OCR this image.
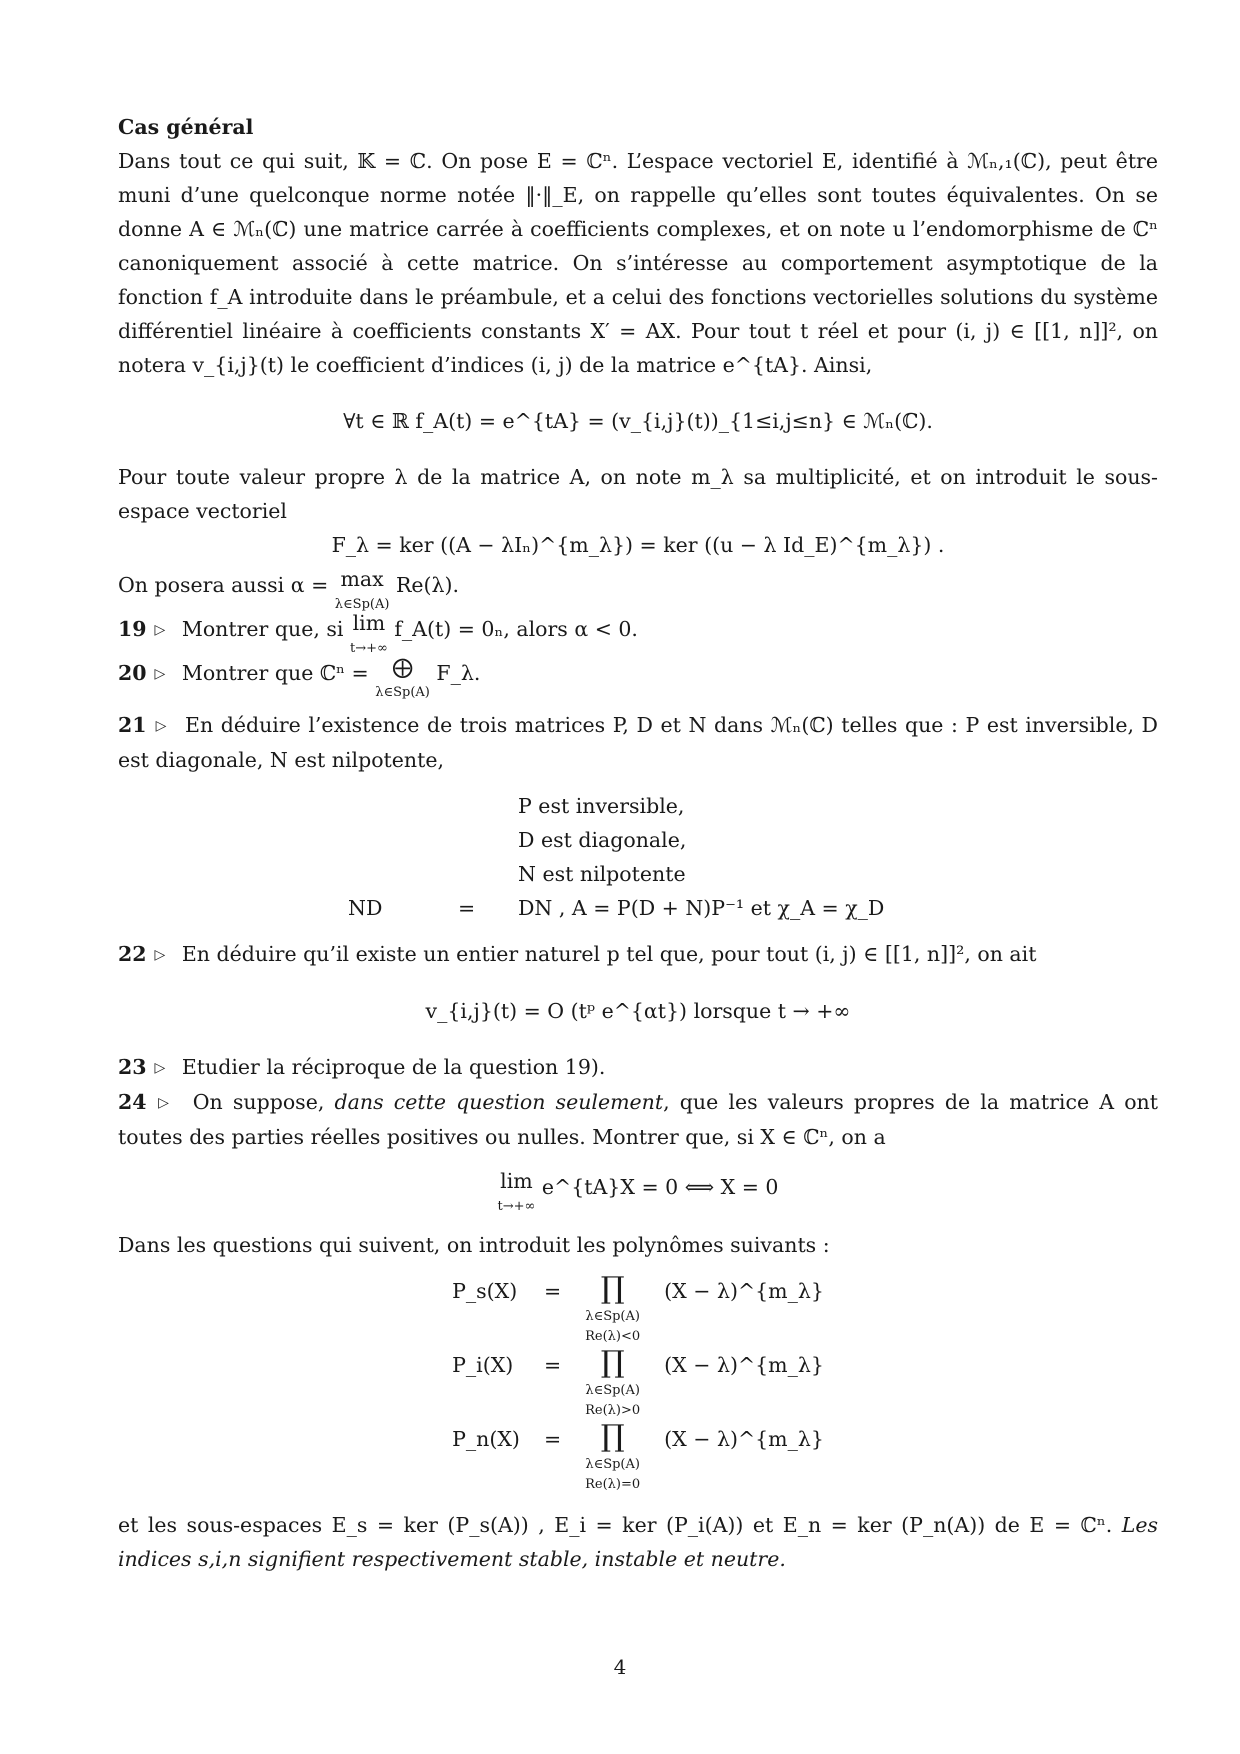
Cas général

Dans tout ce qui suit, 𝕂 = ℂ. On pose E = ℂⁿ. L’espace vectoriel E, identifié à ℳₙ,₁(ℂ), peut être muni d’une quelconque norme notée ‖·‖_E, on rappelle qu’elles sont toutes équivalentes. On se donne A ∈ ℳₙ(ℂ) une matrice carrée à coefficients complexes, et on note u l’endomorphisme de ℂⁿ canoniquement associé à cette matrice. On s’intéresse au comportement asymptotique de la fonction f_A introduite dans le préambule, et a celui des fonctions vectorielles solutions du système différentiel linéaire à coefficients constants X′ = AX. Pour tout t réel et pour (i, j) ∈ [[1, n]]², on notera v_{i,j}(t) le coefficient d’indices (i, j) de la matrice e^{tA}. Ainsi,

∀t ∈ ℝ f_A(t) = e^{tA} = (v_{i,j}(t))_{1≤i,j≤n} ∈ ℳₙ(ℂ).

Pour toute valeur propre λ de la matrice A, on note m_λ sa multiplicité, et on introduit le sous-espace vectoriel

F_λ = ker ((A − λIₙ)^{m_λ}) = ker ((u − λ Id_E)^{m_λ}) .

On posera aussi α = max
λ∈Sp(A) Re(λ).

19 ▷ Montrer que, si lim
t→+∞ f_A(t) = 0ₙ, alors α < 0.

20 ▷ Montrer que ℂⁿ = ⨁
λ∈Sp(A) F_λ.

21 ▷ En déduire l’existence de trois matrices P, D et N dans ℳₙ(ℂ) telles que : P est inversible, D est diagonale, N est nilpotente,

P est inversible,
D est diagonale,
N est nilpotente
ND	=	DN , A = P(D + N)P⁻¹ et χ_A = χ_D

22 ▷ En déduire qu’il existe un entier naturel p tel que, pour tout (i, j) ∈ [[1, n]]², on ait

v_{i,j}(t) = O (tᵖ e^{αt}) lorsque t → +∞

23 ▷ Etudier la réciproque de la question 19).

24 ▷ On suppose, dans cette question seulement, que les valeurs propres de la matrice A ont toutes des parties réelles positives ou nulles. Montrer que, si X ∈ ℂⁿ, on a

lim
t→+∞ e^{tA}X = 0 ⟺ X = 0

Dans les questions qui suivent, on introduit les polynômes suivants :

P_s(X)	=	∏
λ∈Sp(A)
Re(λ)<0	(X − λ)^{m_λ}
P_i(X)	=	∏
λ∈Sp(A)
Re(λ)>0	(X − λ)^{m_λ}
P_n(X)	=	∏
λ∈Sp(A)
Re(λ)=0	(X − λ)^{m_λ}

et les sous-espaces E_s = ker (P_s(A)) , E_i = ker (P_i(A)) et E_n = ker (P_n(A)) de E = ℂⁿ. Les indices s,i,n signifient respectivement stable, instable et neutre.

4
